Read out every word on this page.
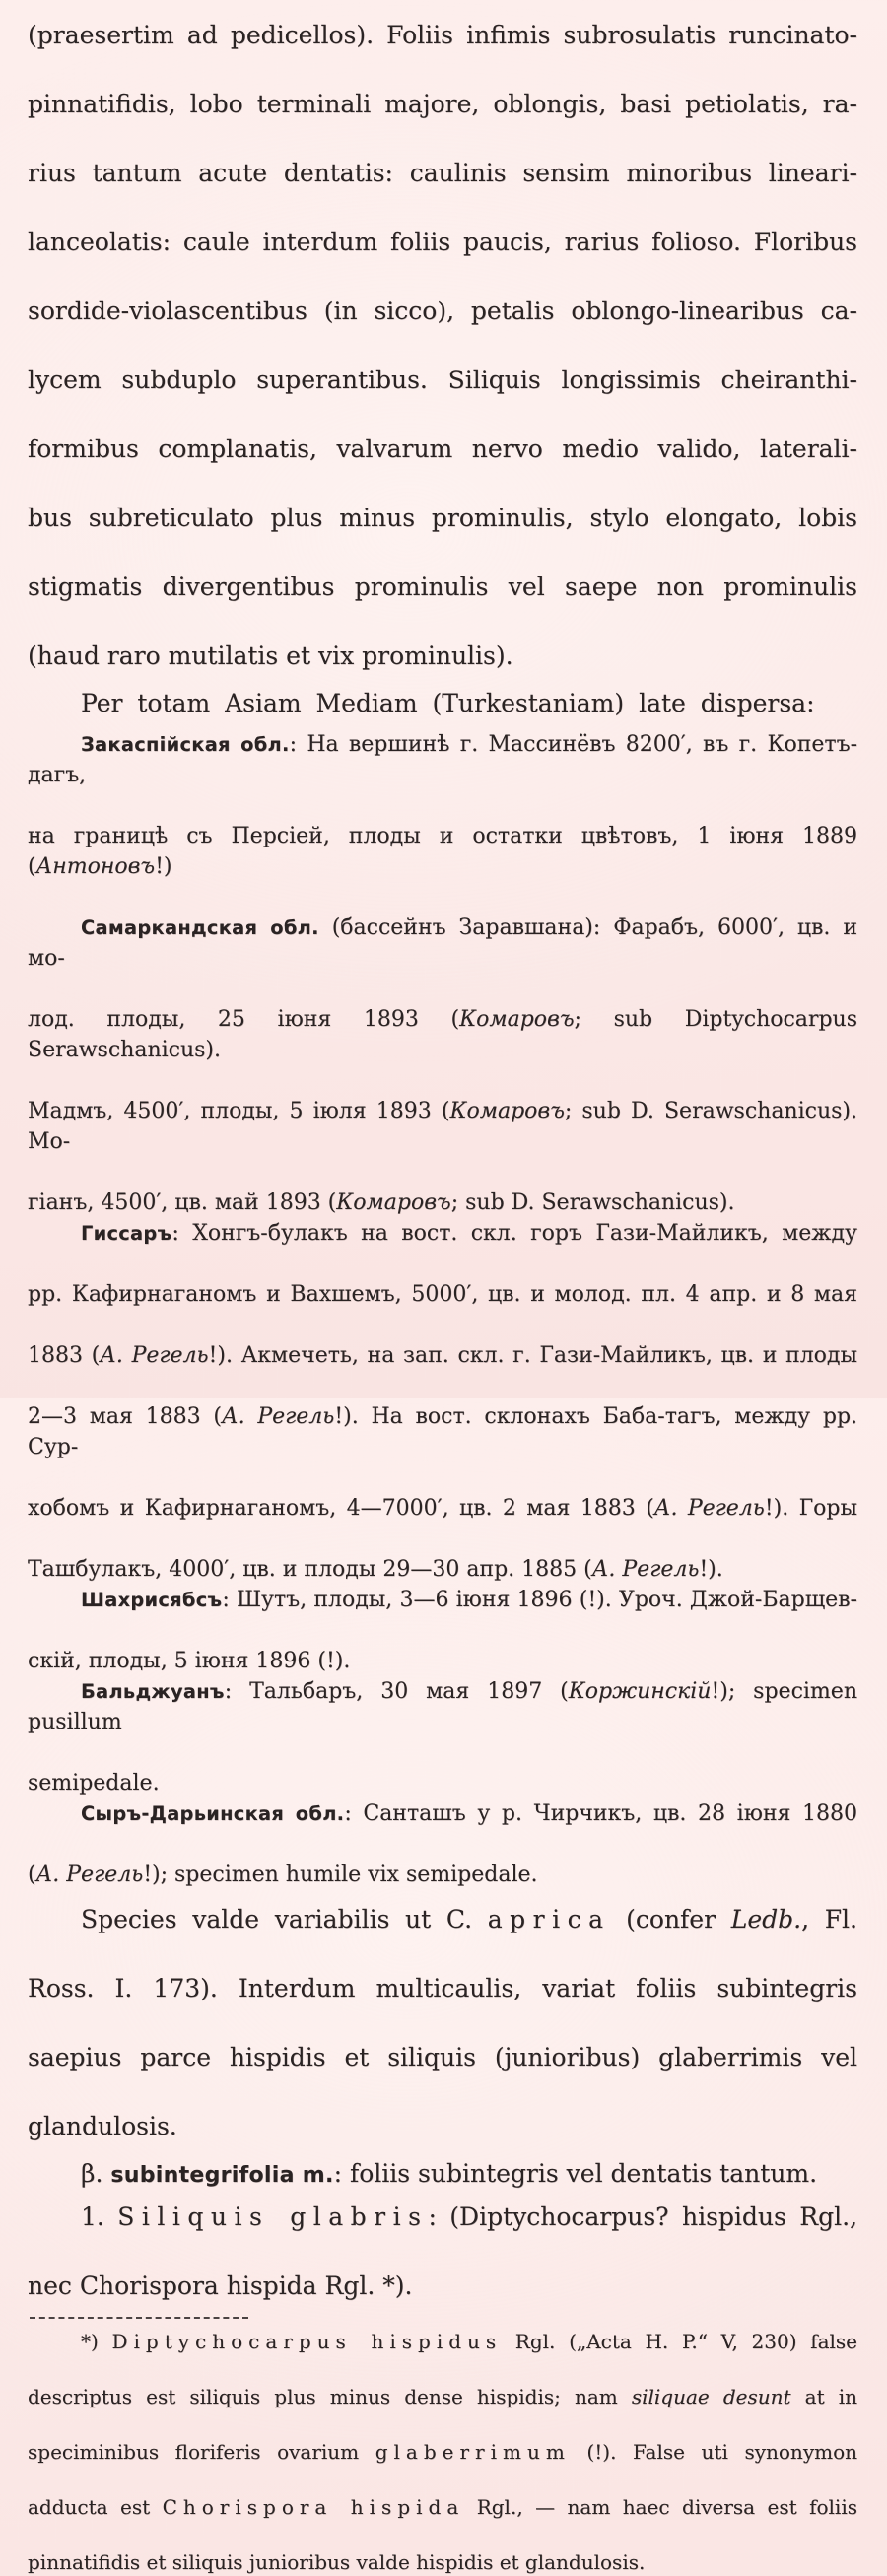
(praesertim ad pedicellos). Foliis infimis subrosulatis runcinato-
pinnatifidis, lobo terminali majore, oblongis, basi petiolatis, ra-
rius tantum acute dentatis: caulinis sensim minoribus lineari-
lanceolatis: caule interdum foliis paucis, rarius folioso. Floribus
sordide-violascentibus (in sicco), petalis oblongo-linearibus ca-
lycem subduplo superantibus. Siliquis longissimis cheiranthi-
formibus complanatis, valvarum nervo medio valido, laterali-
bus subreticulato plus minus prominulis, stylo elongato, lobis
stigmatis divergentibus prominulis vel saepe non prominulis
(haud raro mutilatis et vix prominulis).
Per totam Asiam Mediam (Turkestaniam) late dispersa:
Закаспійская обл.: На вершинѣ г. Массинёвъ 8200′, въ г. Копетъ-дагъ,
на границѣ съ Персіей, плоды и остатки цвѣтовъ, 1 іюня 1889 (Антоновъ!)
Самаркандская обл. (бассейнъ Заравшана): Фарабъ, 6000′, цв. и мо-
лод. плоды, 25 іюня 1893 (Комаровъ; sub Diptychocarpus Serawschanicus).
Мадмъ, 4500′, плоды, 5 іюля 1893 (Комаровъ; sub D. Serawschanicus). Мо-
гіанъ, 4500′, цв. май 1893 (Комаровъ; sub D. Serawschanicus).
Гиссаръ: Хонгъ-булакъ на вост. скл. горъ Гази-Майликъ, между
рр. Кафирнаганомъ и Вахшемъ, 5000′, цв. и молод. пл. 4 апр. и 8 мая
1883 (А. Регель!). Акмечеть, на зап. скл. г. Гази-Майликъ, цв. и плоды
2—3 мая 1883 (А. Регель!). На вост. склонахъ Баба-тагъ, между рр. Сур-
хобомъ и Кафирнаганомъ, 4—7000′, цв. 2 мая 1883 (А. Регель!). Горы
Ташбулакъ, 4000′, цв. и плоды 29—30 апр. 1885 (А. Регель!).
Шахрисябсъ: Шутъ, плоды, 3—6 іюня 1896 (!). Уроч. Джой-Барщев-
скій, плоды, 5 іюня 1896 (!).
Бальджуанъ: Тальбаръ, 30 мая 1897 (Коржинскій!); specimen pusillum
semipedale.
Сыръ-Дарьинская обл.: Санташъ у р. Чирчикъ, цв. 28 іюня 1880
(А. Регель!); specimen humile vix semipedale.
Species valde variabilis ut C. aprica (confer Ledb., Fl.
Ross. I. 173). Interdum multicaulis, variat foliis subintegris
saepius parce hispidis et siliquis (junioribus) glaberrimis vel
glandulosis.
β. subintegrifolia m.: foliis subintegris vel dentatis tantum.
1. Siliquis glabris: (Diptychocarpus? hispidus Rgl.,
nec Chorispora hispida Rgl. *).
*) Diptychocarpus hispidus Rgl. („Acta H. P.“ V, 230) false
descriptus est siliquis plus minus dense hispidis; nam siliquae desunt at in
speciminibus floriferis ovarium glaberrimum (!). False uti synonymon
adducta est Chorispora hispida Rgl., — nam haec diversa est foliis
pinnatifidis et siliquis junioribus valde hispidis et glandulosis.
